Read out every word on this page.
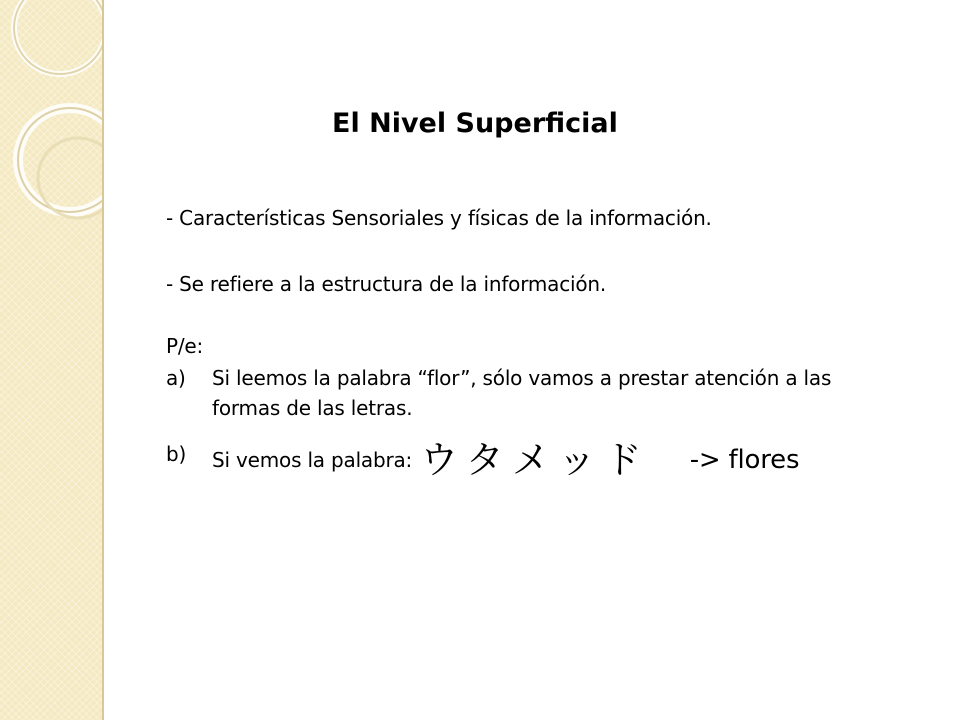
El Nivel Superficial
- Características Sensoriales y físicas de la información.
- Se refiere a la estructura de la información.
P/e:
a) Si leemos la palabra “flor”, sólo vamos a prestar atención a las
formas de las letras.
b) Si vemos la palabra: ウタメッド -> flores
